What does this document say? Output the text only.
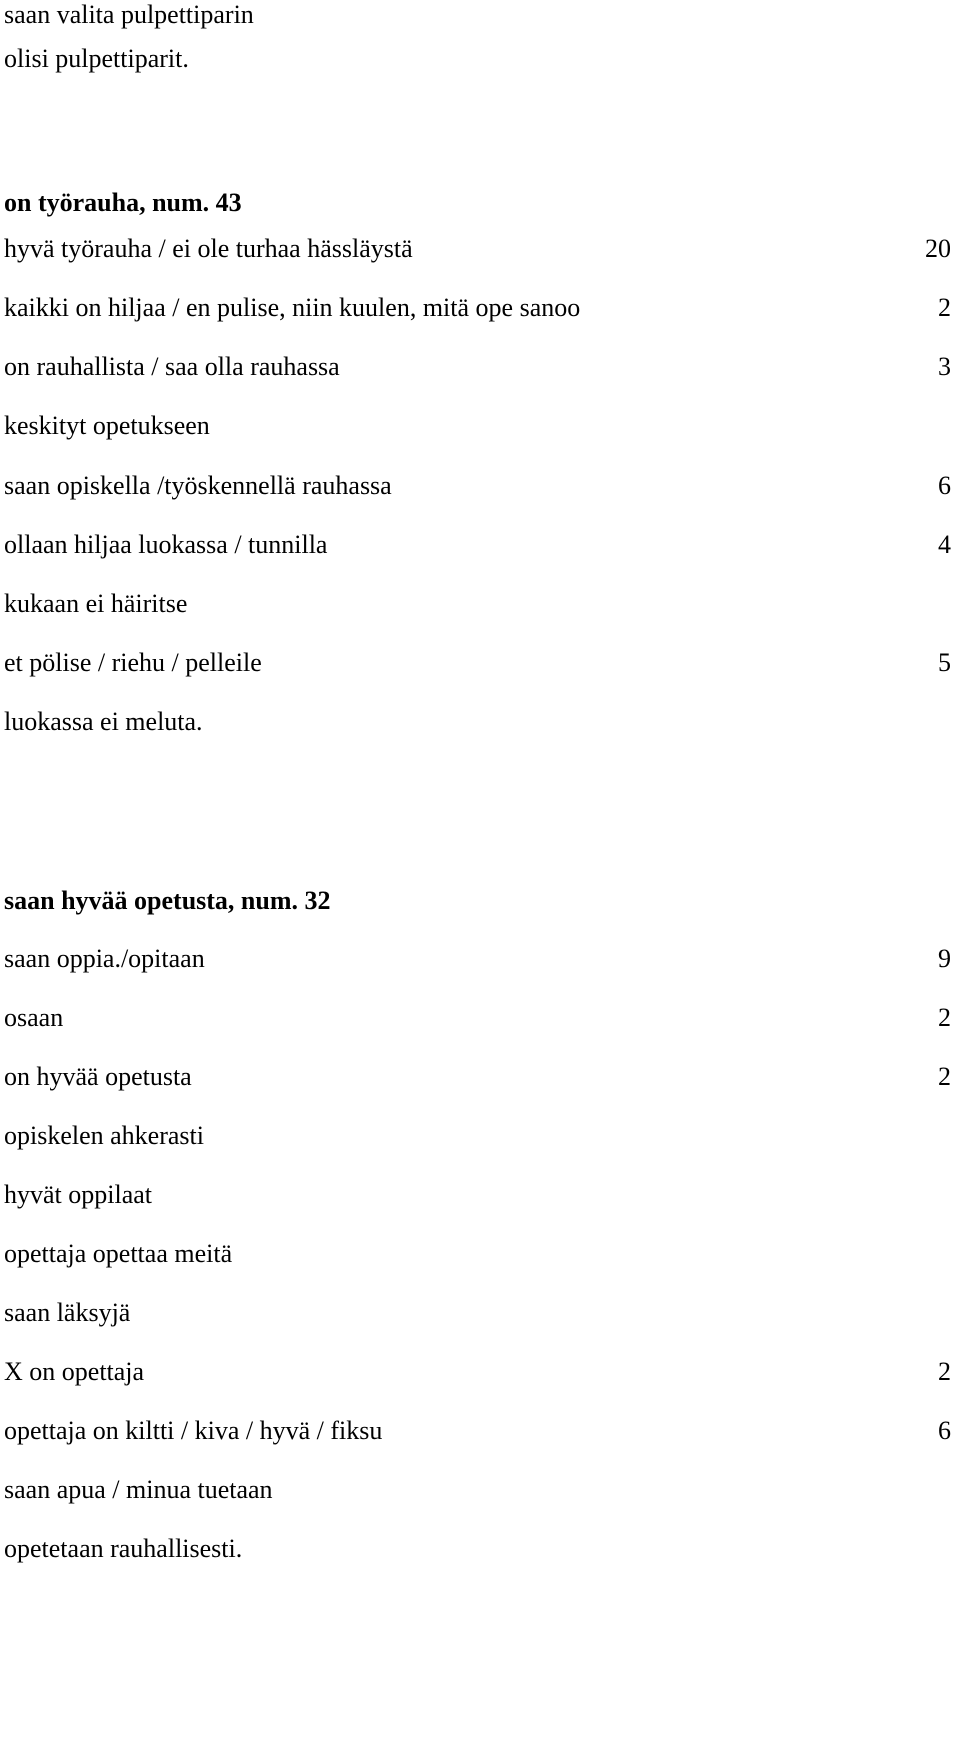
saan valita pulpettiparin
olisi pulpettiparit.
on työrauha, num. 43
hyvä työrauha / ei ole turhaa hässläystä	20
kaikki on hiljaa / en pulise, niin kuulen, mitä ope sanoo	2
on rauhallista / saa olla rauhassa	3
keskityt opetukseen
saan opiskella /työskennellä rauhassa	6
ollaan hiljaa luokassa / tunnilla	4
kukaan ei häiritse
et pölise / riehu / pelleile	5
luokassa ei meluta.
saan hyvää opetusta, num. 32
saan oppia./opitaan	9
osaan	2
on hyvää opetusta	2
opiskelen ahkerasti
hyvät oppilaat
opettaja opettaa meitä
saan läksyjä
X on opettaja	2
opettaja on kiltti / kiva / hyvä / fiksu	6
saan apua / minua tuetaan
opetetaan rauhallisesti.
